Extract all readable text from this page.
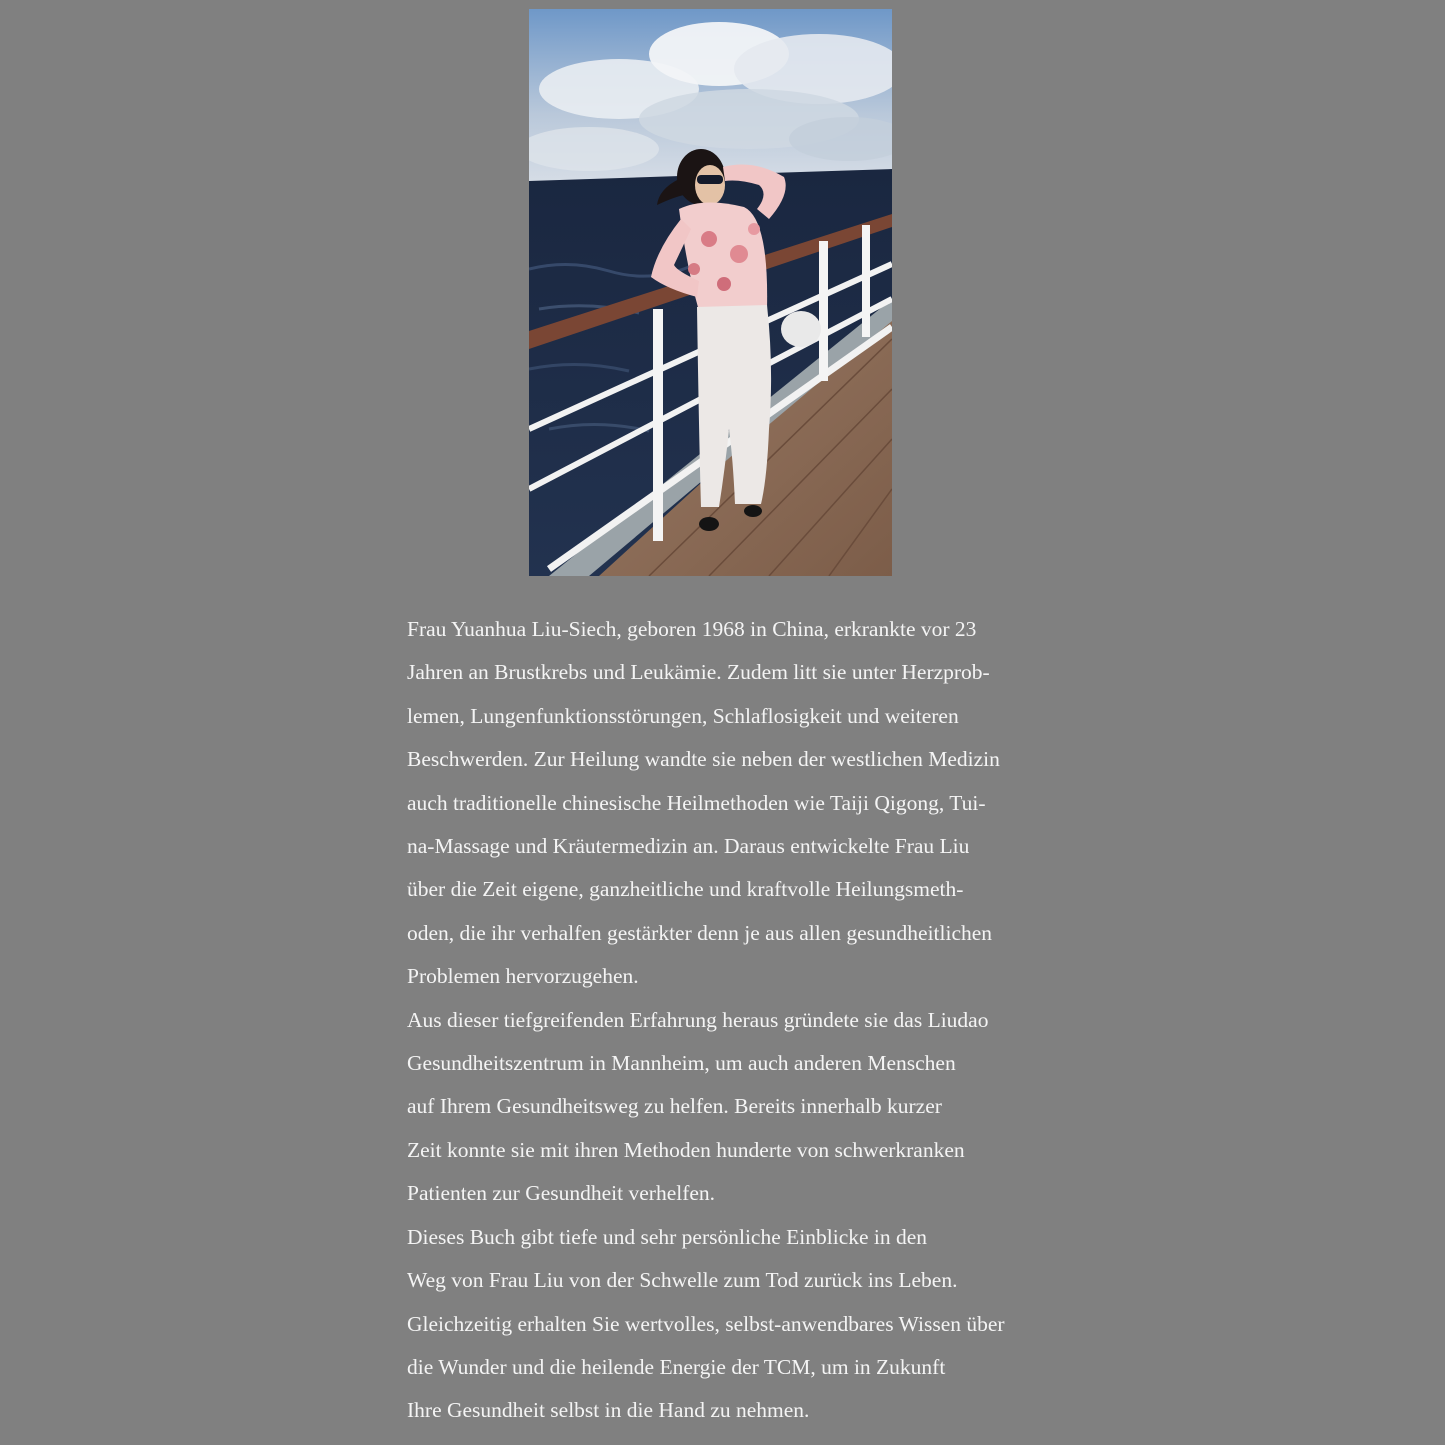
Frau Yuanhua Liu-Siech, geboren 1968 in China, erkrankte vor 23
Jahren an Brustkrebs und Leukämie. Zudem litt sie unter Herzprob-
lemen, Lungenfunktionsstörungen, Schlaflosigkeit und weiteren
Beschwerden. Zur Heilung wandte sie neben der westlichen Medizin
auch traditionelle chinesische Heilmethoden wie Taiji Qigong, Tui-
na-Massage und Kräutermedizin an. Daraus entwickelte Frau Liu
über die Zeit eigene, ganzheitliche und kraftvolle Heilungsmeth-
oden, die ihr verhalfen gestärkter denn je aus allen gesundheitlichen
Problemen hervorzugehen.
Aus dieser tiefgreifenden Erfahrung heraus gründete sie das Liudao
Gesundheitszentrum in Mannheim, um auch anderen Menschen
auf Ihrem Gesundheitsweg zu helfen. Bereits innerhalb kurzer
Zeit konnte sie mit ihren Methoden hunderte von schwerkranken
Patienten zur Gesundheit verhelfen.
Dieses Buch gibt tiefe und sehr persönliche Einblicke in den
Weg von Frau Liu von der Schwelle zum Tod zurück ins Leben.
Gleichzeitig erhalten Sie wertvolles, selbst-anwendbares Wissen über
die Wunder und die heilende Energie der TCM, um in Zukunft
Ihre Gesundheit selbst in die Hand zu nehmen.
